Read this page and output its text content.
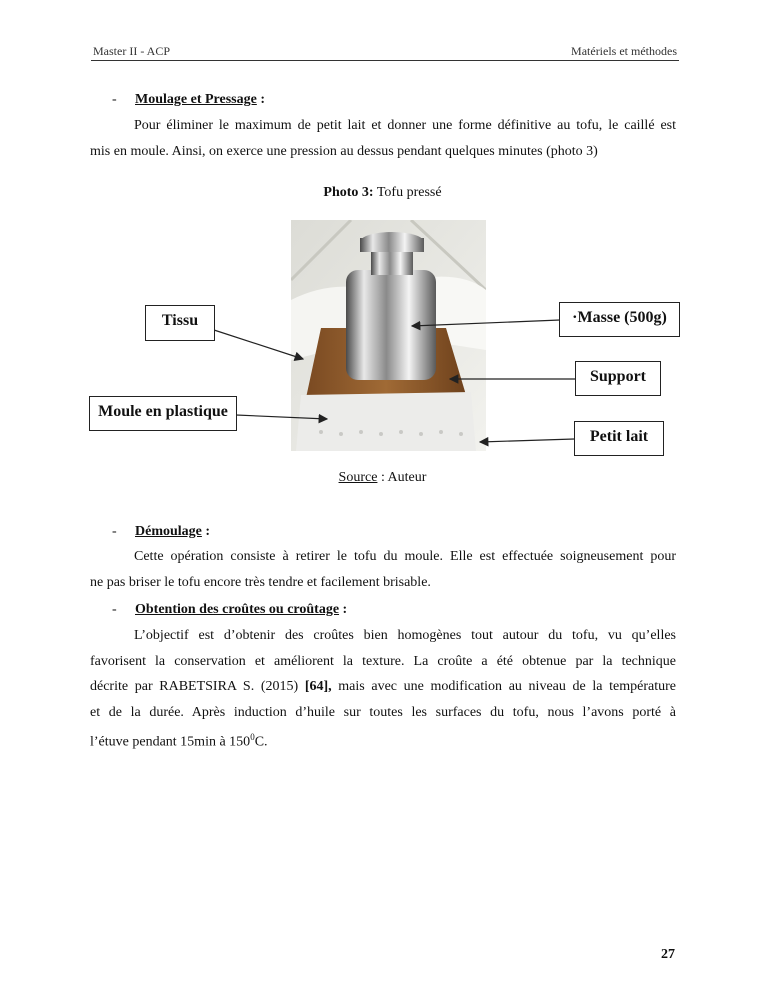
Master II - ACP	Matériels et méthodes
- Moulage et Pressage :
Pour éliminer le maximum de petit lait et donner une forme définitive au tofu, le caillé est
mis en moule. Ainsi, on exerce une pression au dessus pendant quelques minutes (photo 3)
Photo 3: Tofu pressé
Tissu	·Masse (500g)
Support
Moule en plastique
Petit lait
Source : Auteur
- Démoulage :
Cette opération consiste à retirer le tofu du moule. Elle est effectuée soigneusement pour
ne pas briser le tofu encore très tendre et facilement brisable.
- Obtention des croûtes ou croûtage :
L’objectif est d’obtenir des croûtes bien homogènes tout autour du tofu, vu qu’elles
favorisent la conservation et améliorent la texture. La croûte a été obtenue par la technique
décrite par RABETSIRA S. (2015) [64], mais avec une modification au niveau de la température
et de la durée. Après induction d’huile sur toutes les surfaces du tofu, nous l’avons porté à
l’étuve pendant 15min à $150^0C$.
27
